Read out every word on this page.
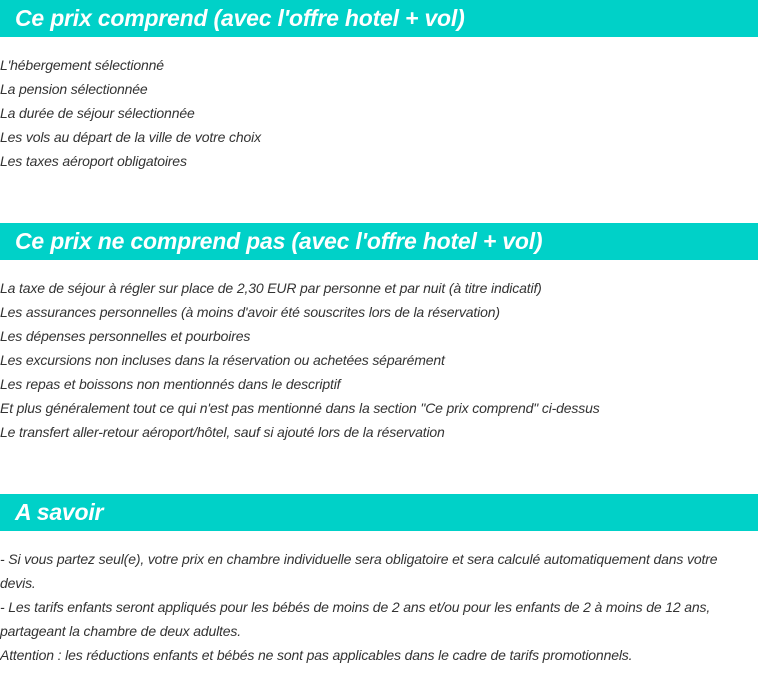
Ce prix comprend (avec l'offre hotel + vol)
L'hébergement sélectionné
La pension sélectionnée
La durée de séjour sélectionnée
Les vols au départ de la ville de votre choix
Les taxes aéroport obligatoires
Ce prix ne comprend pas (avec l'offre hotel + vol)
La taxe de séjour à régler sur place de 2,30 EUR par personne et par nuit (à titre indicatif)
Les assurances personnelles (à moins d'avoir été souscrites lors de la réservation)
Les dépenses personnelles et pourboires
Les excursions non incluses dans la réservation ou achetées séparément
Les repas et boissons non mentionnés dans le descriptif
Et plus généralement tout ce qui n'est pas mentionné dans la section "Ce prix comprend" ci-dessus
Le transfert aller-retour aéroport/hôtel, sauf si ajouté lors de la réservation
A savoir

- Si vous partez seul(e), votre prix en chambre individuelle sera obligatoire et sera calculé automatiquement dans votre devis.

- Les tarifs enfants seront appliqués pour les bébés de moins de 2 ans et/ou pour les enfants de 2 à moins de 12 ans, partageant la chambre de deux adultes.

Attention : les réductions enfants et bébés ne sont pas applicables dans le cadre de tarifs promotionnels.
